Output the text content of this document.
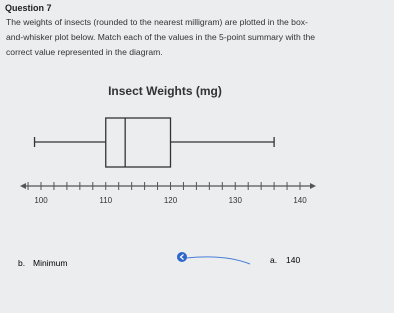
Question 7
The weights of insects (rounded to the nearest milligram) are plotted in the box-
and-whisker plot below. Match each of the values in the 5-point summary with the
correct value represented in the diagram.
Insect Weights (mg)
100	110	120	130	140
b. Minimum	a. 140
